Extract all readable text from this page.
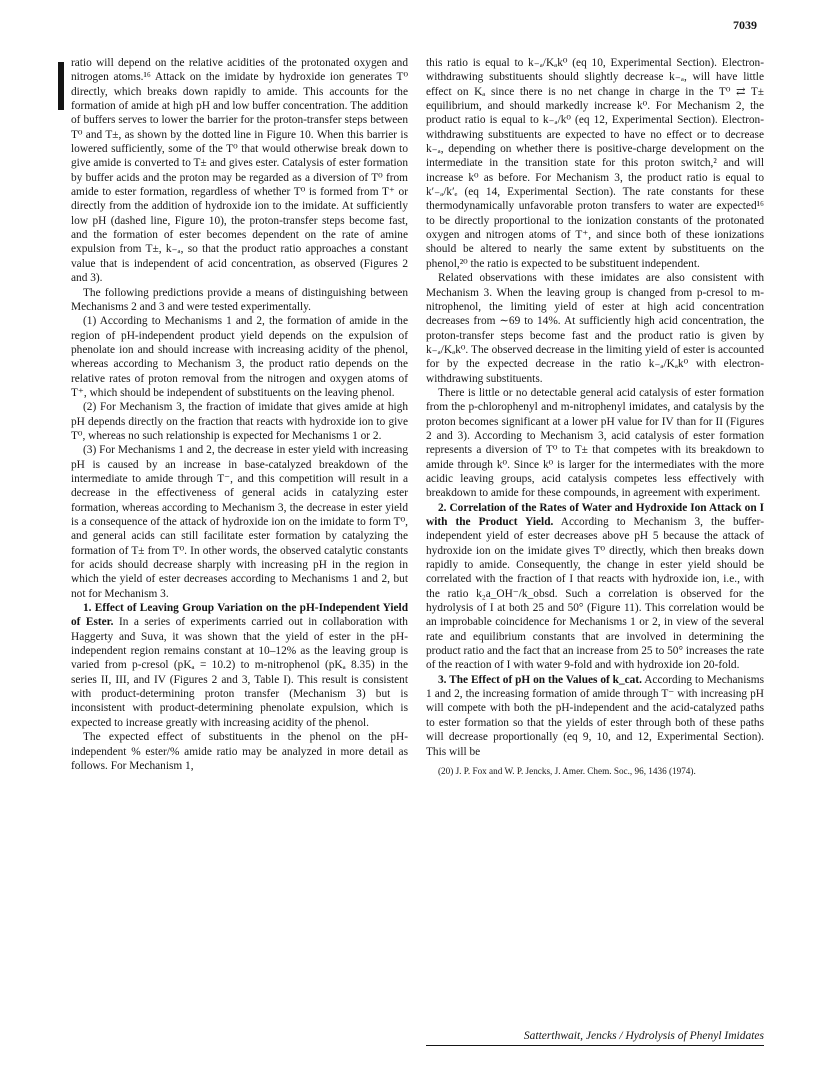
7039

ratio will depend on the relative acidities of the protonated oxygen and nitrogen atoms.¹⁶ Attack on the imidate by hydroxide ion generates T⁰ directly, which breaks down rapidly to amide. This accounts for the formation of amide at high pH and low buffer concentration. The addition of buffers serves to lower the barrier for the proton-transfer steps between T⁰ and T±, as shown by the dotted line in Figure 10. When this barrier is lowered sufficiently, some of the T⁰ that would otherwise break down to give amide is converted to T± and gives ester. Catalysis of ester formation by buffer acids and the proton may be regarded as a diversion of T⁰ from amide to ester formation, regardless of whether T⁰ is formed from T⁺ or directly from the addition of hydroxide ion to the imidate. At sufficiently low pH (dashed line, Figure 10), the proton-transfer steps become fast, and the formation of ester becomes dependent on the rate of amine expulsion from T±, k₋ₐ, so that the product ratio approaches a constant value that is independent of acid concentration, as observed (Figures 2 and 3).

The following predictions provide a means of distinguishing between Mechanisms 2 and 3 and were tested experimentally.

(1) According to Mechanisms 1 and 2, the formation of amide in the region of pH-independent product yield depends on the expulsion of phenolate ion and should increase with increasing acidity of the phenol, whereas according to Mechanism 3, the product ratio depends on the relative rates of proton removal from the nitrogen and oxygen atoms of T⁺, which should be independent of substituents on the leaving phenol.

(2) For Mechanism 3, the fraction of imidate that gives amide at high pH depends directly on the fraction that reacts with hydroxide ion to give T⁰, whereas no such relationship is expected for Mechanisms 1 or 2.

(3) For Mechanisms 1 and 2, the decrease in ester yield with increasing pH is caused by an increase in base-catalyzed breakdown of the intermediate to amide through T⁻, and this competition will result in a decrease in the effectiveness of general acids in catalyzing ester formation, whereas according to Mechanism 3, the decrease in ester yield is a consequence of the attack of hydroxide ion on the imidate to form T⁰, and general acids can still facilitate ester formation by catalyzing the formation of T± from T⁰. In other words, the observed catalytic constants for acids should decrease sharply with increasing pH in the region in which the yield of ester decreases according to Mechanisms 1 and 2, but not for Mechanism 3.

1. Effect of Leaving Group Variation on the pH-Independent Yield of Ester. In a series of experiments carried out in collaboration with Haggerty and Suva, it was shown that the yield of ester in the pH-independent region remains constant at 10–12% as the leaving group is varied from p-cresol (pKₐ = 10.2) to m-nitrophenol (pKₐ 8.35) in the series II, III, and IV (Figures 2 and 3, Table I). This result is consistent with product-determining proton transfer (Mechanism 3) but is inconsistent with product-determining phenolate expulsion, which is expected to increase greatly with increasing acidity of the phenol.

The expected effect of substituents in the phenol on the pH-independent % ester/% amide ratio may be analyzed in more detail as follows. For Mechanism 1,

this ratio is equal to k₋ₐ/Kₐk⁰ (eq 10, Experimental Section). Electron-withdrawing substituents should slightly decrease k₋ₐ, will have little effect on Kₐ since there is no net change in charge in the T⁰ ⇄ T± equilibrium, and should markedly increase k⁰. For Mechanism 2, the product ratio is equal to k₋ₐ/k⁰ (eq 12, Experimental Section). Electron-withdrawing substituents are expected to have no effect or to decrease k₋ₐ, depending on whether there is positive-charge development on the intermediate in the transition state for this proton switch,² and will increase k⁰ as before. For Mechanism 3, the product ratio is equal to k′₋ₐ/k′ₑ (eq 14, Experimental Section). The rate constants for these thermodynamically unfavorable proton transfers to water are expected¹⁶ to be directly proportional to the ionization constants of the protonated oxygen and nitrogen atoms of T⁺, and since both of these ionizations should be altered to nearly the same extent by substituents on the phenol,²⁰ the ratio is expected to be substituent independent.

Related observations with these imidates are also consistent with Mechanism 3. When the leaving group is changed from p-cresol to m-nitrophenol, the limiting yield of ester at high acid concentration decreases from ∼69 to 14%. At sufficiently high acid concentration, the proton-transfer steps become fast and the product ratio is given by k₋ₐ/Kₐk⁰. The observed decrease in the limiting yield of ester is accounted for by the expected decrease in the ratio k₋ₐ/Kₐk⁰ with electron-withdrawing substituents.

There is little or no detectable general acid catalysis of ester formation from the p-chlorophenyl and m-nitrophenyl imidates, and catalysis by the proton becomes significant at a lower pH value for IV than for II (Figures 2 and 3). According to Mechanism 3, acid catalysis of ester formation represents a diversion of T⁰ to T± that competes with its breakdown to amide through k⁰. Since k⁰ is larger for the intermediates with the more acidic leaving groups, acid catalysis competes less effectively with breakdown to amide for these compounds, in agreement with experiment.

2. Correlation of the Rates of Water and Hydroxide Ion Attack on I with the Product Yield. According to Mechanism 3, the buffer-independent yield of ester decreases above pH 5 because the attack of hydroxide ion on the imidate gives T⁰ directly, which then breaks down rapidly to amide. Consequently, the change in ester yield should be correlated with the fraction of I that reacts with hydroxide ion, i.e., with the ratio k₂a_OH⁻/k_obsd. Such a correlation is observed for the hydrolysis of I at both 25 and 50° (Figure 11). This correlation would be an improbable coincidence for Mechanisms 1 or 2, in view of the several rate and equilibrium constants that are involved in determining the product ratio and the fact that an increase from 25 to 50° increases the rate of the reaction of I with water 9-fold and with hydroxide ion 20-fold.

3. The Effect of pH on the Values of k_cat. According to Mechanisms 1 and 2, the increasing formation of amide through T⁻ with increasing pH will compete with both the pH-independent and the acid-catalyzed paths to ester formation so that the yields of ester through both of these paths will decrease proportionally (eq 9, 10, and 12, Experimental Section). This will be

(20) J. P. Fox and W. P. Jencks, J. Amer. Chem. Soc., 96, 1436 (1974).

Satterthwait, Jencks / Hydrolysis of Phenyl Imidates
